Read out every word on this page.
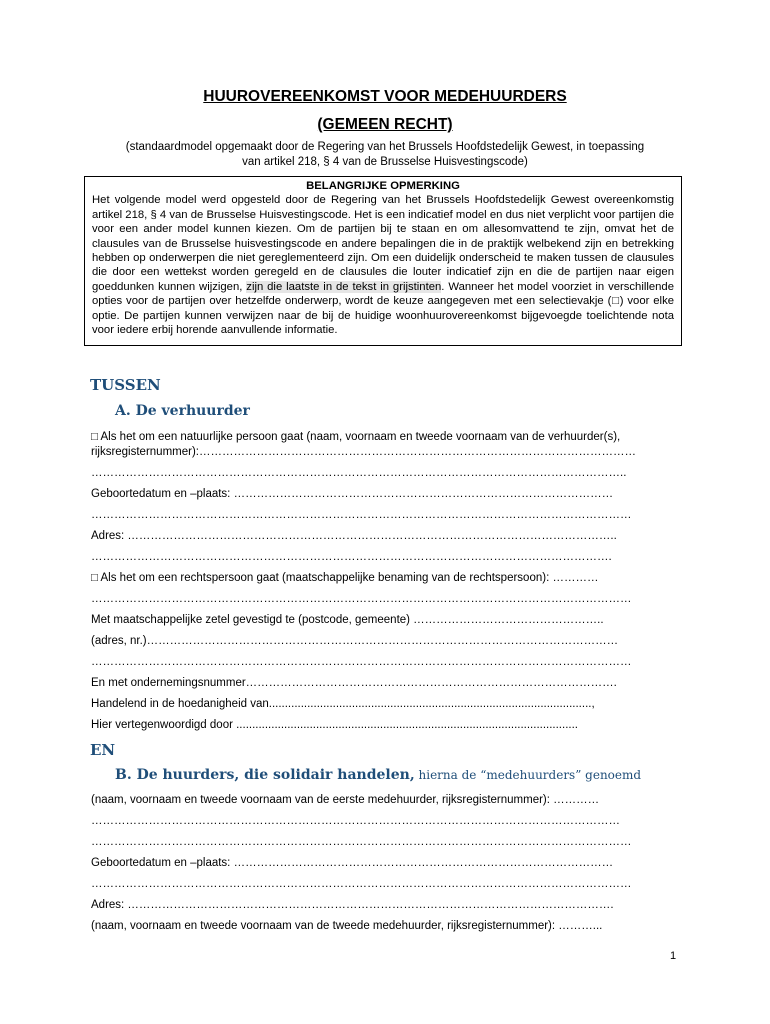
HUUROVEREENKOMST VOOR MEDEHUURDERS
(GEMEEN RECHT)
(standaardmodel opgemaakt door de Regering van het Brussels Hoofdstedelijk Gewest, in toepassing
van artikel 218, § 4 van de Brusselse Huisvestingscode)
BELANGRIJKE OPMERKING
Het volgende model werd opgesteld door de Regering van het Brussels Hoofdstedelijk Gewest overeenkomstig artikel 218, § 4 van de Brusselse Huisvestingscode. Het is een indicatief model en dus niet verplicht voor partijen die voor een ander model kunnen kiezen. Om de partijen bij te staan en om allesomvattend te zijn, omvat het de clausules van de Brusselse huisvestingscode en andere bepalingen die in de praktijk welbekend zijn en betrekking hebben op onderwerpen die niet gereglementeerd zijn. Om een duidelijk onderscheid te maken tussen de clausules die door een wettekst worden geregeld en de clausules die louter indicatief zijn en die de partijen naar eigen goeddunken kunnen wijzigen, zijn die laatste in de tekst in grijstinten. Wanneer het model voorziet in verschillende opties voor de partijen over hetzelfde onderwerp, wordt de keuze aangegeven met een selectievakje (□) voor elke optie. De partijen kunnen verwijzen naar de bij de huidige woonhuurovereenkomst bijgevoegde toelichtende nota voor iedere erbij horende aanvullende informatie.
TUSSEN
A. De verhuurder
□ Als het om een natuurlijke persoon gaat (naam, voornaam en tweede voornaam van de verhuurder(s),
rijksregisternummer):……………………………………………………………………………………………………
…………………………………………………………………………………………………………………………..
Geboortedatum en –plaats: ………………………………………………………………………………………
……………………………………………………………………………………………………………………………
Adres: ………………………………………………………………………………………………………………..
……………………………………………………………………………………………………………………….
□ Als het om een rechtspersoon gaat (maatschappelijke benaming van de rechtspersoon): …………
……………………………………………………………………………………………………………………………
Met maatschappelijke zetel gevestigd te (postcode, gemeente) …………………………………………..
(adres, nr.)……………………………………………………………………………………………………………
……………………………………………………………………………………………………………………………
En met ondernemingsnummer…………………………………………………………………………………….
Handelend in de hoedanigheid van.....................................................................................................,
Hier vertegenwoordigd door ...........................................................................................................
EN
B. De huurders, die solidair handelen, hierna de “medehuurders” genoemd
(naam, voornaam en tweede voornaam van de eerste medehuurder, rijksregisternummer): …………
…………………………………………………………………………………………………………………………
……………………………………………………………………………………………………………………………
Geboortedatum en –plaats: ………………………………………………………………………………………
……………………………………………………………………………………………………………………………
Adres: ……………………………………………………………………………………………………………….
(naam, voornaam en tweede voornaam van de tweede medehuurder, rijksregisternummer): ………...
1
